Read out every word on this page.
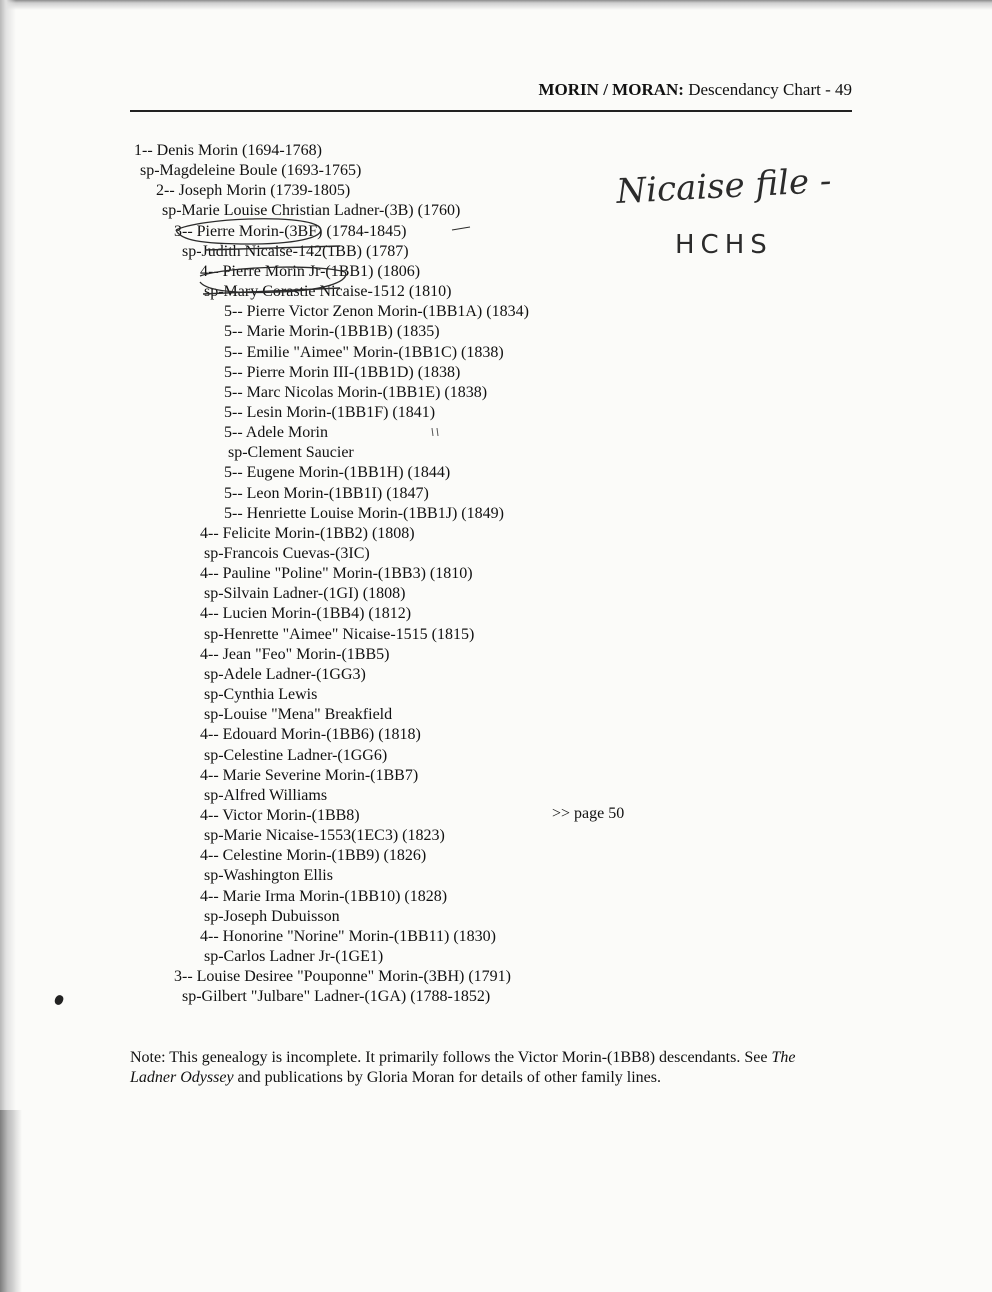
MORIN / MORAN: Descendancy Chart - 49
1-- Denis Morin (1694-1768)
sp-Magdeleine Boule (1693-1765)
2-- Joseph Morin (1739-1805)
sp-Marie Louise Christian Ladner-(3B) (1760)
3-- Pierre Morin-(3BF) (1784-1845)
sp-Judith Nicaise-142(1BB) (1787)
4-- Pierre Morin Jr-(1BB1) (1806)
sp-Mary Corastie Nicaise-1512 (1810)
5-- Pierre Victor Zenon Morin-(1BB1A) (1834)
5-- Marie Morin-(1BB1B) (1835)
5-- Emilie "Aimee" Morin-(1BB1C) (1838)
5-- Pierre Morin III-(1BB1D) (1838)
5-- Marc Nicolas Morin-(1BB1E) (1838)
5-- Lesin Morin-(1BB1F) (1841)
5-- Adele Morin
sp-Clement Saucier
5-- Eugene Morin-(1BB1H) (1844)
5-- Leon Morin-(1BB1I) (1847)
5-- Henriette Louise Morin-(1BB1J) (1849)
4-- Felicite Morin-(1BB2) (1808)
sp-Francois Cuevas-(3IC)
4-- Pauline "Poline" Morin-(1BB3) (1810)
sp-Silvain Ladner-(1GI) (1808)
4-- Lucien Morin-(1BB4) (1812)
sp-Henrette "Aimee" Nicaise-1515 (1815)
4-- Jean "Feo" Morin-(1BB5)
sp-Adele Ladner-(1GG3)
sp-Cynthia Lewis
sp-Louise "Mena" Breakfield
4-- Edouard Morin-(1BB6) (1818)
sp-Celestine Ladner-(1GG6)
4-- Marie Severine Morin-(1BB7)
sp-Alfred Williams
4-- Victor Morin-(1BB8)
sp-Marie Nicaise-1553(1EC3) (1823)
4-- Celestine Morin-(1BB9) (1826)
sp-Washington Ellis
4-- Marie Irma Morin-(1BB10) (1828)
sp-Joseph Dubuisson
4-- Honorine "Norine" Morin-(1BB11) (1830)
sp-Carlos Ladner Jr-(1GE1)
3-- Louise Desiree "Pouponne" Morin-(3BH) (1791)
sp-Gilbert "Julbare" Ladner-(1GA) (1788-1852)
>> page 50
Nicaise file -
HCHS
Note: This genealogy is incomplete. It primarily follows the Victor Morin-(1BB8) descendants. See The Ladner Odyssey and publications by Gloria Moran for details of other family lines.
